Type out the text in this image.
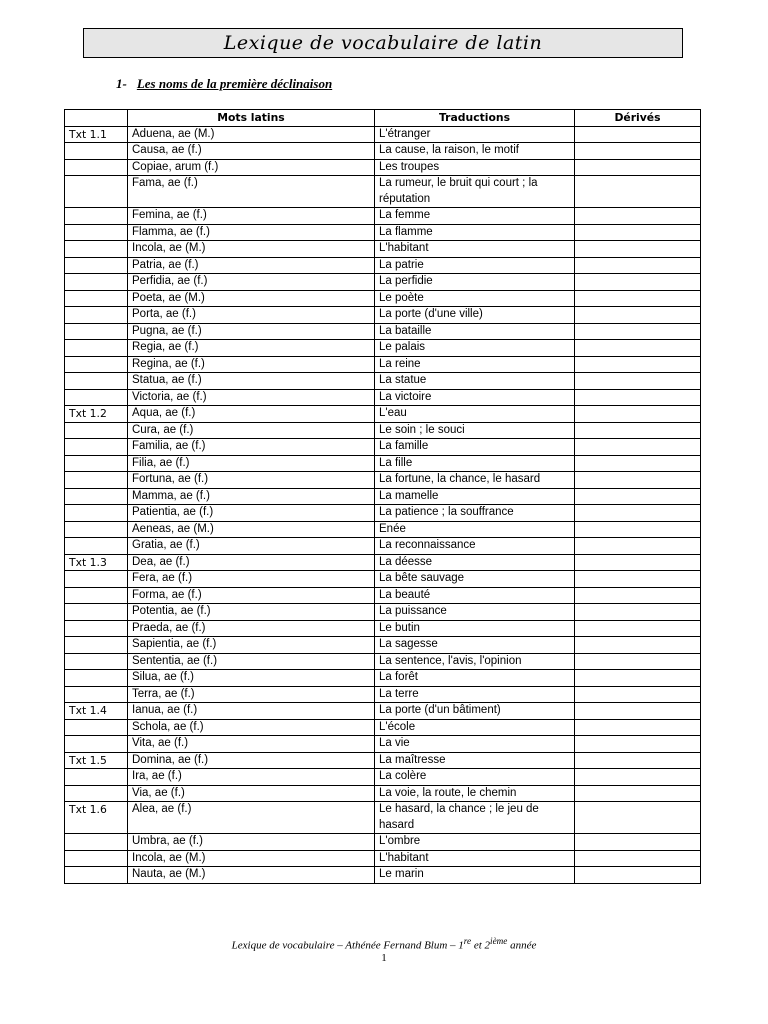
Lexique de vocabulaire de latin
1- Les noms de la première déclinaison
	Mots latins	Traductions	Dérivés
Txt 1.1	Aduena, ae (M.)	L'étranger	
	Causa, ae (f.)	La cause, la raison, le motif	
	Copiae, arum (f.)	Les troupes	
	Fama, ae (f.)	La rumeur, le bruit qui court ; la réputation	
	Femina, ae (f.)	La femme	
	Flamma, ae (f.)	La flamme	
	Incola, ae (M.)	L'habitant	
	Patria, ae (f.)	La patrie	
	Perfidia, ae (f.)	La perfidie	
	Poeta, ae (M.)	Le poète	
	Porta, ae (f.)	La porte (d'une ville)	
	Pugna, ae (f.)	La bataille	
	Regia, ae (f.)	Le palais	
	Regina, ae (f.)	La reine	
	Statua, ae (f.)	La statue	
	Victoria, ae (f.)	La victoire	
Txt 1.2	Aqua, ae (f.)	L'eau	
	Cura, ae (f.)	Le soin ; le souci	
	Familia, ae (f.)	La famille	
	Filia, ae (f.)	La fille	
	Fortuna, ae (f.)	La fortune, la chance, le hasard	
	Mamma, ae (f.)	La mamelle	
	Patientia, ae (f.)	La patience ; la souffrance	
	Aeneas, ae (M.)	Enée	
	Gratia, ae (f.)	La reconnaissance	
Txt 1.3	Dea, ae (f.)	La déesse	
	Fera, ae (f.)	La bête sauvage	
	Forma, ae (f.)	La beauté	
	Potentia, ae (f.)	La puissance	
	Praeda, ae (f.)	Le butin	
	Sapientia, ae (f.)	La sagesse	
	Sententia, ae (f.)	La sentence, l'avis, l'opinion	
	Silua, ae (f.)	La forêt	
	Terra, ae (f.)	La terre	
Txt 1.4	Ianua, ae (f.)	La porte (d'un bâtiment)	
	Schola, ae (f.)	L'école	
	Vita, ae (f.)	La vie	
Txt 1.5	Domina, ae (f.)	La maîtresse	
	Ira, ae (f.)	La colère	
	Via, ae (f.)	La voie, la route, le chemin	
Txt 1.6	Alea, ae (f.)	Le hasard, la chance ; le jeu de hasard	
	Umbra, ae (f.)	L'ombre	
	Incola, ae (M.)	L'habitant	
	Nauta, ae (M.)	Le marin	
Lexique de vocabulaire – Athénée Fernand Blum – 1re et 2ième année
1
